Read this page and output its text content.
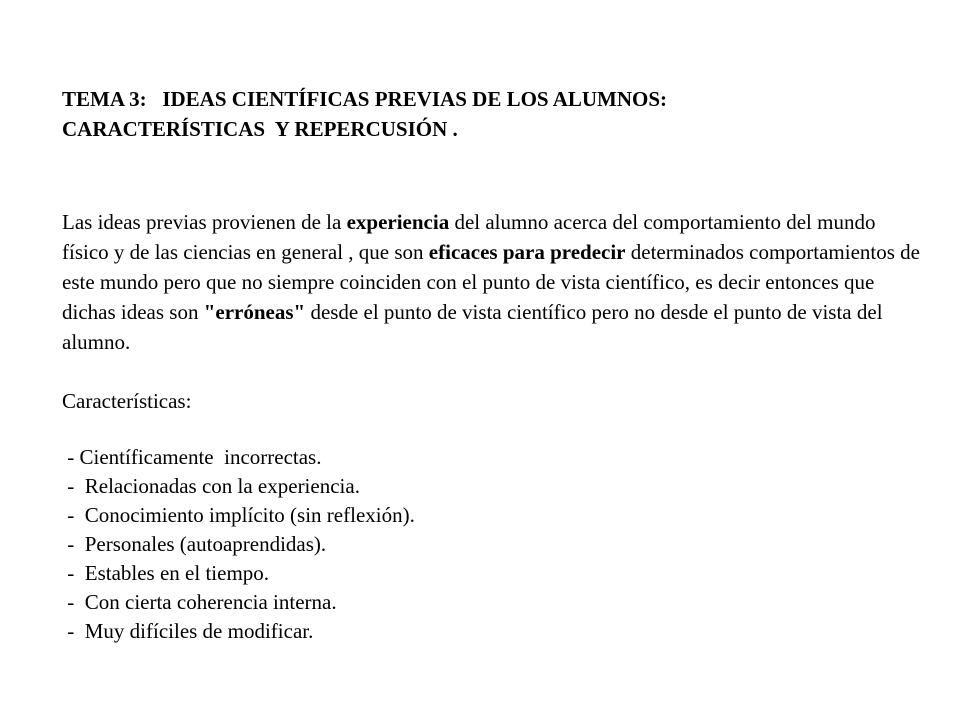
TEMA 3:   IDEAS CIENTÍFICAS PREVIAS DE LOS ALUMNOS:
CARACTERÍSTICAS  Y REPERCUSIÓN .

Las ideas previas provienen de la experiencia del alumno acerca del comportamiento del mundo físico y de las ciencias en general , que son eficaces para predecir determinados comportamientos de este mundo pero que no siempre coinciden con el punto de vista científico, es decir entonces que dichas ideas son "erróneas" desde el punto de vista científico pero no desde el punto de vista del alumno.

Características:

- Científicamente  incorrectas.
-  Relacionadas con la experiencia.
-  Conocimiento implícito (sin reflexión).
-  Personales (autoaprendidas).
-  Estables en el tiempo.
-  Con cierta coherencia interna.
-  Muy difíciles de modificar.
